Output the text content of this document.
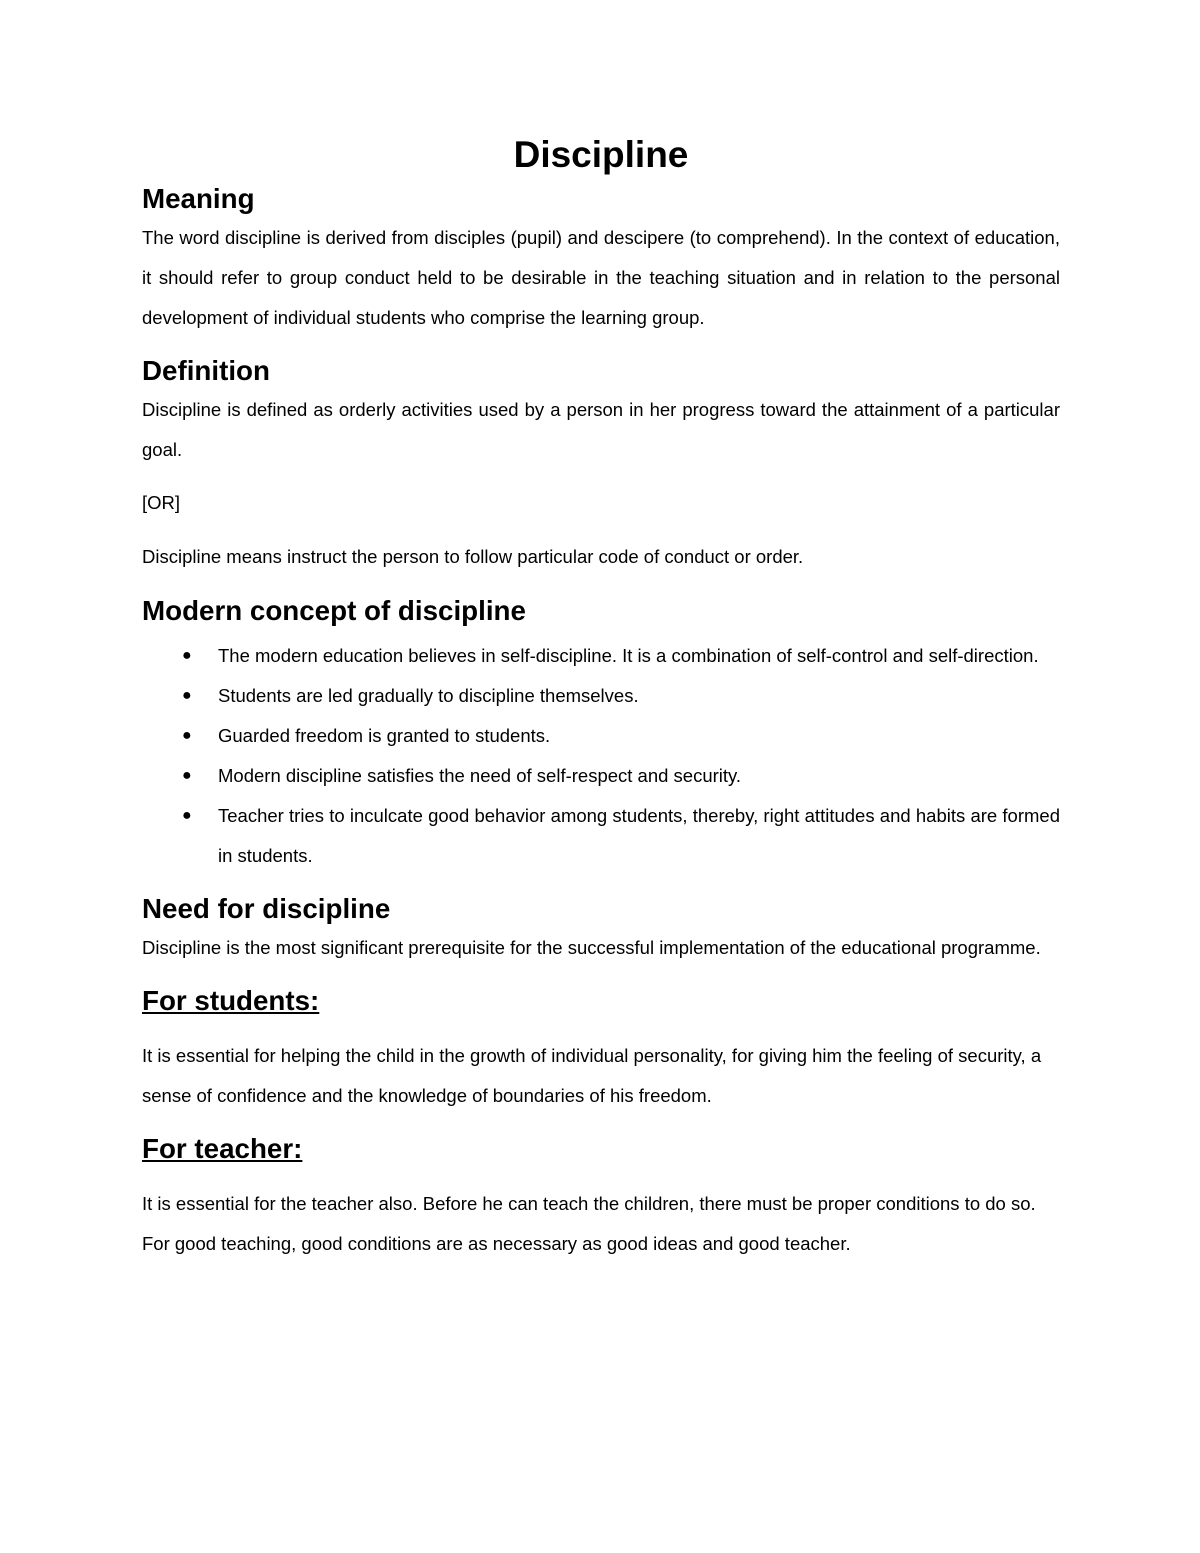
Discipline
Meaning

The word discipline is derived from disciples (pupil) and descipere (to comprehend). In the context of education, it should refer to group conduct held to be desirable in the teaching situation and in relation to the personal development of individual students who comprise the learning group.

Definition

Discipline is defined as orderly activities used by a person in her progress toward the attainment of a particular goal.

[OR]

Discipline means instruct the person to follow particular code of conduct or order.

Modern concept of discipline
● The modern education believes in self-discipline. It is a combination of self-control and self-direction.
● Students are led gradually to discipline themselves.
● Guarded freedom is granted to students.
● Modern discipline satisfies the need of self-respect and security.
● Teacher tries to inculcate good behavior among students, thereby, right attitudes and habits are formed in students.
Need for discipline

Discipline is the most significant prerequisite for the successful implementation of the educational programme.

For students:

It is essential for helping the child in the growth of individual personality, for giving him the feeling of security, a sense of confidence and the knowledge of boundaries of his freedom.

For teacher:

It is essential for the teacher also. Before he can teach the children, there must be proper conditions to do so. For good teaching, good conditions are as necessary as good ideas and good teacher.
